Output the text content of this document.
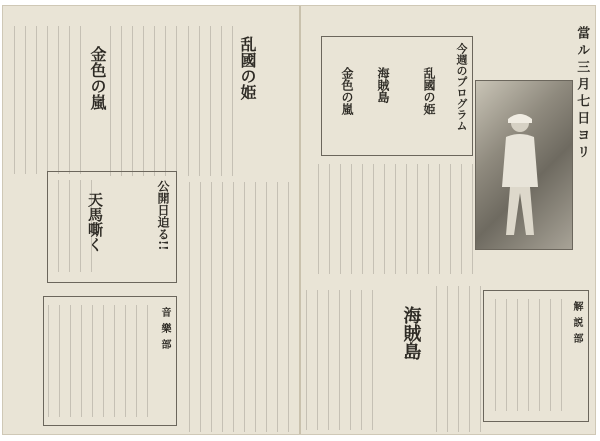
當ル三月七日ヨリ
今週のプログラム
乱國の姫
海賊島
金色の嵐
海賊島	解説部
乱國の姫
金色の嵐
公開日迫る!!
天馬嘶く
音樂部
